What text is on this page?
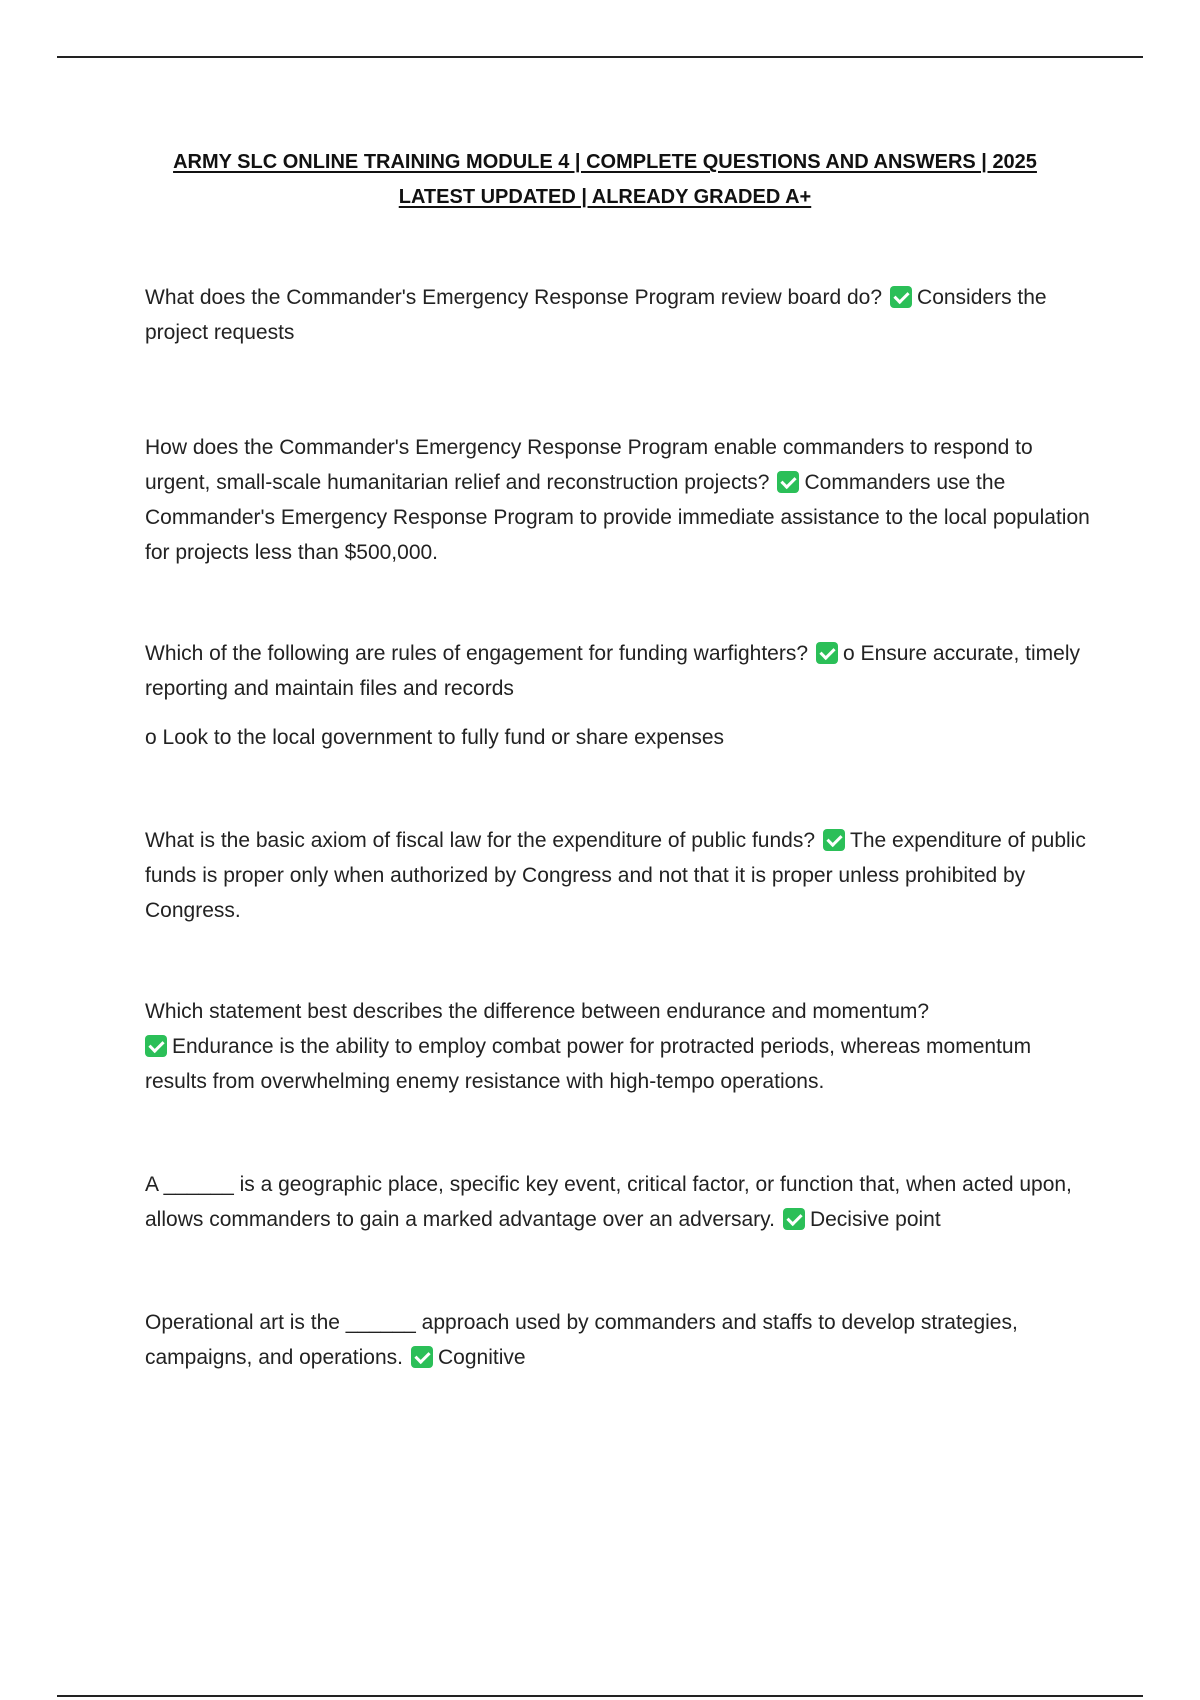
ARMY SLC ONLINE TRAINING MODULE 4 | COMPLETE QUESTIONS AND ANSWERS | 2025
LATEST UPDATED | ALREADY GRADED A+

What does the Commander's Emergency Response Program review board do? Considers the project requests

How does the Commander's Emergency Response Program enable commanders to respond to urgent, small-scale humanitarian relief and reconstruction projects? Commanders use the Commander's Emergency Response Program to provide immediate assistance to the local population for projects less than $500,000.

Which of the following are rules of engagement for funding warfighters? o Ensure accurate, timely reporting and maintain files and records

o Look to the local government to fully fund or share expenses

What is the basic axiom of fiscal law for the expenditure of public funds? The expenditure of public funds is proper only when authorized by Congress and not that it is proper unless prohibited by Congress.

Which statement best describes the difference between endurance and momentum?

Endurance is the ability to employ combat power for protracted periods, whereas momentum results from overwhelming enemy resistance with high-tempo operations.

A ______ is a geographic place, specific key event, critical factor, or function that, when acted upon, allows commanders to gain a marked advantage over an adversary. Decisive point

Operational art is the ______ approach used by commanders and staffs to develop strategies, campaigns, and operations. Cognitive
